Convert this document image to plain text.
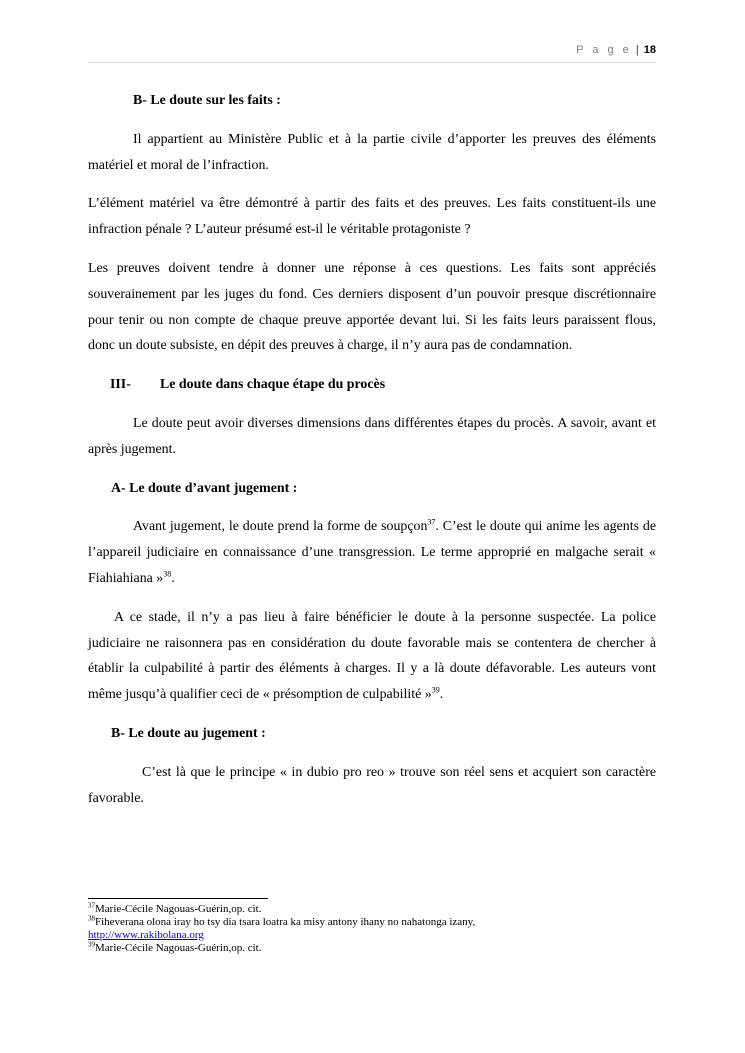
P a g e | 18

B- Le doute sur les faits :

Il appartient au Ministère Public et à la partie civile d’apporter les preuves des éléments matériel et moral de l’infraction.

L’élément matériel va être démontré à partir des faits et des preuves. Les faits constituent-ils une infraction pénale ? L’auteur présumé est-il le véritable protagoniste ?

Les preuves doivent tendre à donner une réponse à ces questions. Les faits sont appréciés souverainement par les juges du fond. Ces derniers disposent d’un pouvoir presque discrétionnaire pour tenir ou non compte de chaque preuve apportée devant lui. Si les faits leurs paraissent flous, donc un doute subsiste, en dépit des preuves à charge, il n’y aura pas de condamnation.

III- Le doute dans chaque étape du procès

Le doute peut avoir diverses dimensions dans différentes étapes du procès. A savoir, avant et après jugement.

A- Le doute d’avant jugement :

Avant jugement, le doute prend la forme de soupçon$^{37}$. C’est le doute qui anime les agents de l’appareil judiciaire en connaissance d’une transgression. Le terme approprié en malgache serait « Fiahiahiana »$^{38}$.

A ce stade, il n’y a pas lieu à faire bénéficier le doute à la personne suspectée. La police judiciaire ne raisonnera pas en considération du doute favorable mais se contentera de chercher à établir la culpabilité à partir des éléments à charges. Il y a là doute défavorable. Les auteurs vont même jusqu’à qualifier ceci de « présomption de culpabilité »$^{39}$.

B- Le doute au jugement :

C’est là que le principe « in dubio pro reo » trouve son réel sens et acquiert son caractère favorable.

$^{37}$Marie-Cécile Nagouas-Guérin,op. cit.
$^{38}$Fiheverana olona iray ho tsy dia tsara loatra ka misy antony ihany no nahatonga izany,
http://www.rakibolana.org
$^{39}$Marie-Cécile Nagouas-Guérin,op. cit.
